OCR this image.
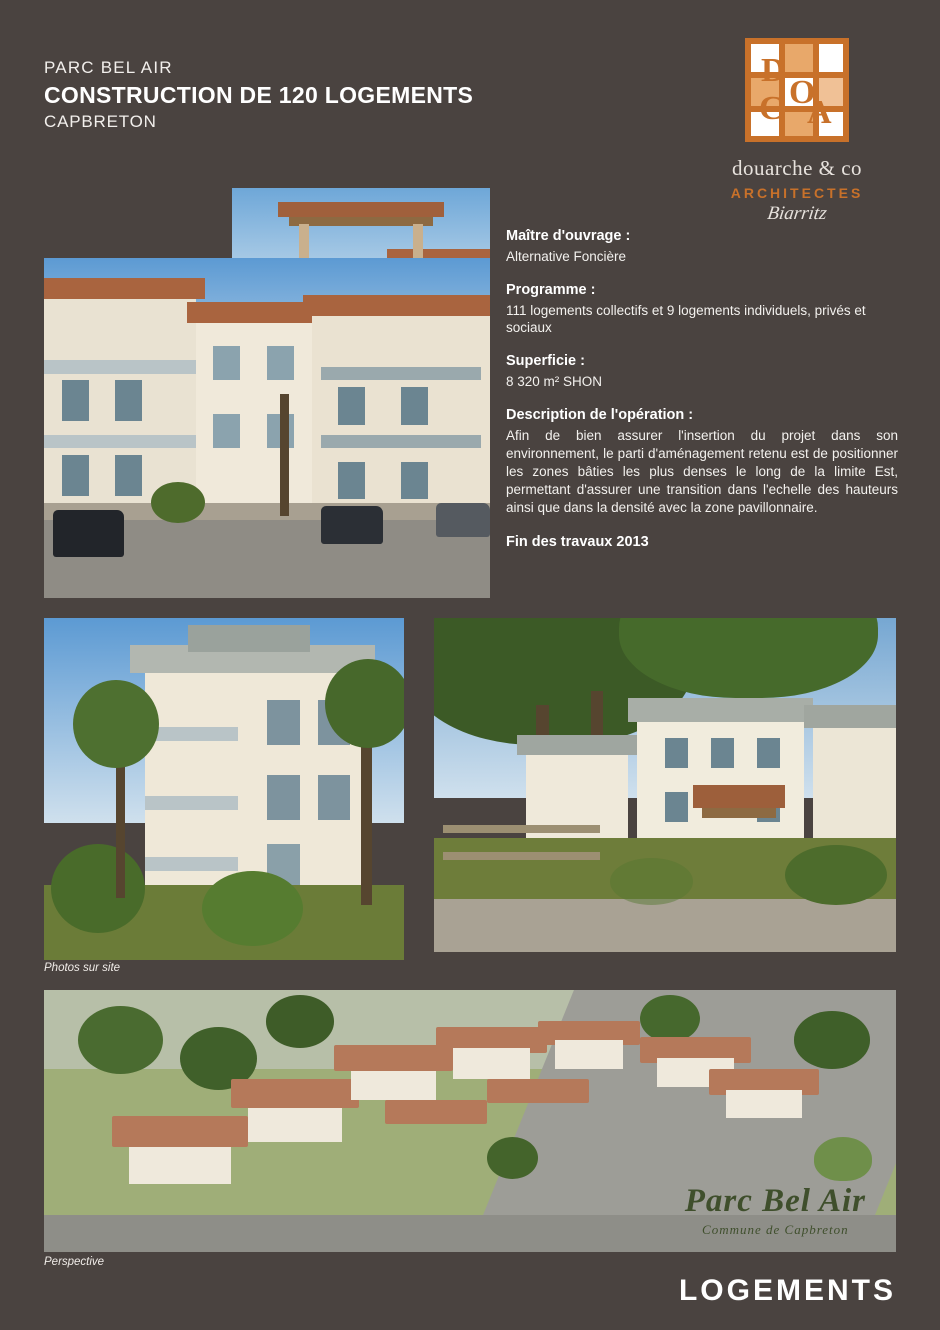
PARC BEL AIR
CONSTRUCTION DE 120 LOGEMENTS
CAPBRETON
D
O
C A
douarche & co
ARCHITECTES
Biarritz
Maître d'ouvrage :
Alternative Foncière
Programme :
111 logements collectifs et 9 logements individuels, privés et sociaux
Superficie :
8 320 m² SHON
Description de l'opération :
Afin de bien assurer l'insertion du projet dans son environnement, le parti d'aménagement retenu est de positionner les zones bâties les plus denses le long de la limite Est, permettant d'assurer une transition dans l'echelle des hauteurs ainsi que dans la densité avec la zone pavillonnaire.
Fin des travaux 2013
Photos sur site
Parc Bel Air
Commune de Capbreton
Perspective
LOGEMENTS
